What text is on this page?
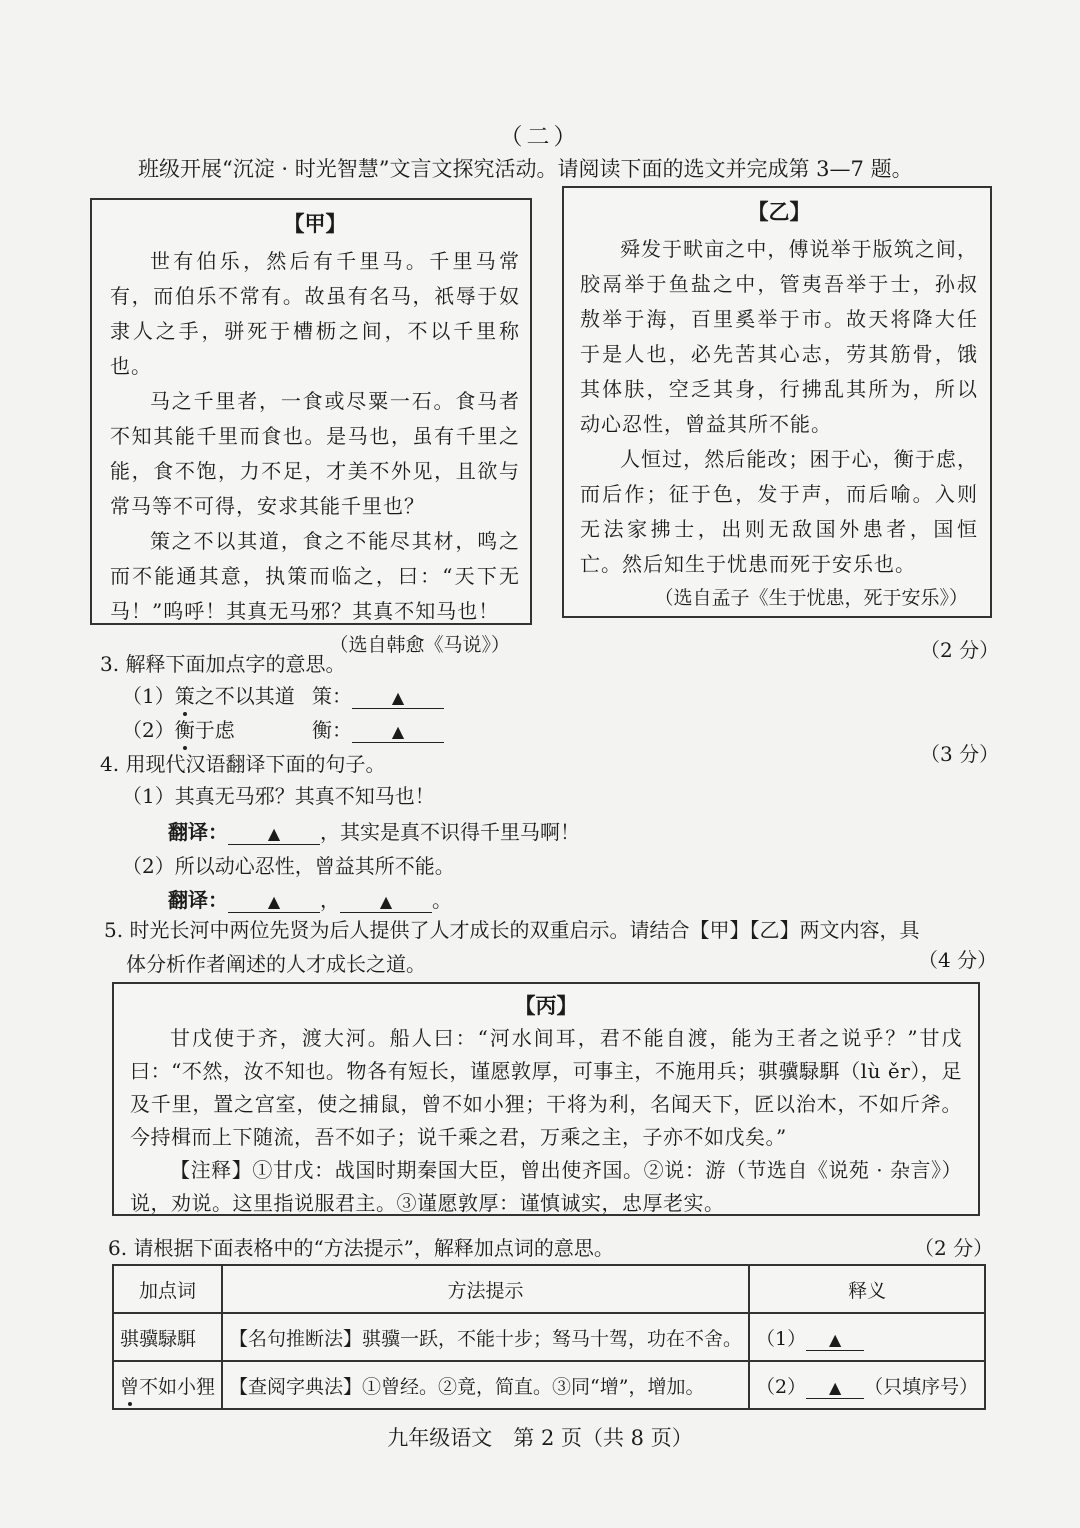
（二）
班级开展“沉淀 · 时光智慧”文言文探究活动。请阅读下面的选文并完成第 3—7 题。
【甲】

世有伯乐，然后有千里马。千里马常有，而伯乐不常有。故虽有名马，祇辱于奴隶人之手，骈死于槽枥之间，不以千里称也。

马之千里者，一食或尽粟一石。食马者不知其能千里而食也。是马也，虽有千里之能，食不饱，力不足，才美不外见，且欲与常马等不可得，安求其能千里也？

策之不以其道，食之不能尽其材，鸣之而不能通其意，执策而临之，曰：“天下无马！”呜呼！其真无马邪？其真不知马也！

（选自韩愈《马说》）
【乙】

舜发于畎亩之中，傅说举于版筑之间，胶鬲举于鱼盐之中，管夷吾举于士，孙叔敖举于海，百里奚举于市。故天将降大任于是人也，必先苦其心志，劳其筋骨，饿其体肤，空乏其身，行拂乱其所为，所以动心忍性，曾益其所不能。

人恒过，然后能改；困于心，衡于虑，而后作；征于色，发于声，而后喻。入则无法家拂士，出则无敌国外患者，国恒亡。然后知生于忧患而死于安乐也。

（选自孟子《生于忧患，死于安乐》）
3. 解释下面加点字的意思。
（2 分）
（1）策之不以其道 策： ▲
（2）衡于虑	衡： ▲
4. 用现代汉语翻译下面的句子。	（3 分）
（1）其真无马邪？其真不知马也！
翻译： ▲ ，其实是真不识得千里马啊！
（2）所以动心忍性，曾益其所不能。
翻译： ▲ ， ▲ 。
5. 时光长河中两位先贤为后人提供了人才成长的双重启示。请结合【甲】【乙】两文内容，具
体分析作者阐述的人才成长之道。	（4 分）
【丙】

甘戊使于齐，渡大河。船人曰：“河水间耳，君不能自渡，能为王者之说乎？”甘戊曰：“不然，汝不知也。物各有短长，谨愿敦厚，可事主，不施用兵；骐骥騄駬（lù ěr），足及千里，置之宫室，使之捕鼠，曾不如小狸；干将为利，名闻天下，匠以治木，不如斤斧。今持楫而上下随流，吾不如子；说千乘之君，万乘之主，子亦不如戊矣。”
（节选自《说苑 · 杂言》）

【注释】①甘戊：战国时期秦国大臣，曾出使齐国。②说：游说，劝说。这里指说服君主。③谨愿敦厚：谨慎诚实，忠厚老实。

6. 请根据下面表格中的“方法提示”，解释加点词的意思。	（2 分）
加点词	方法提示	释义
骐骥騄駬	【名句推断法】骐骥一跃，不能十步；驽马十驾，功在不舍。	（1） ▲
曾不如小狸	【查阅字典法】①曾经。②竟，简直。③同“增”，增加。	（2） ▲ （只填序号）
九年级语文　第 2 页（共 8 页）
